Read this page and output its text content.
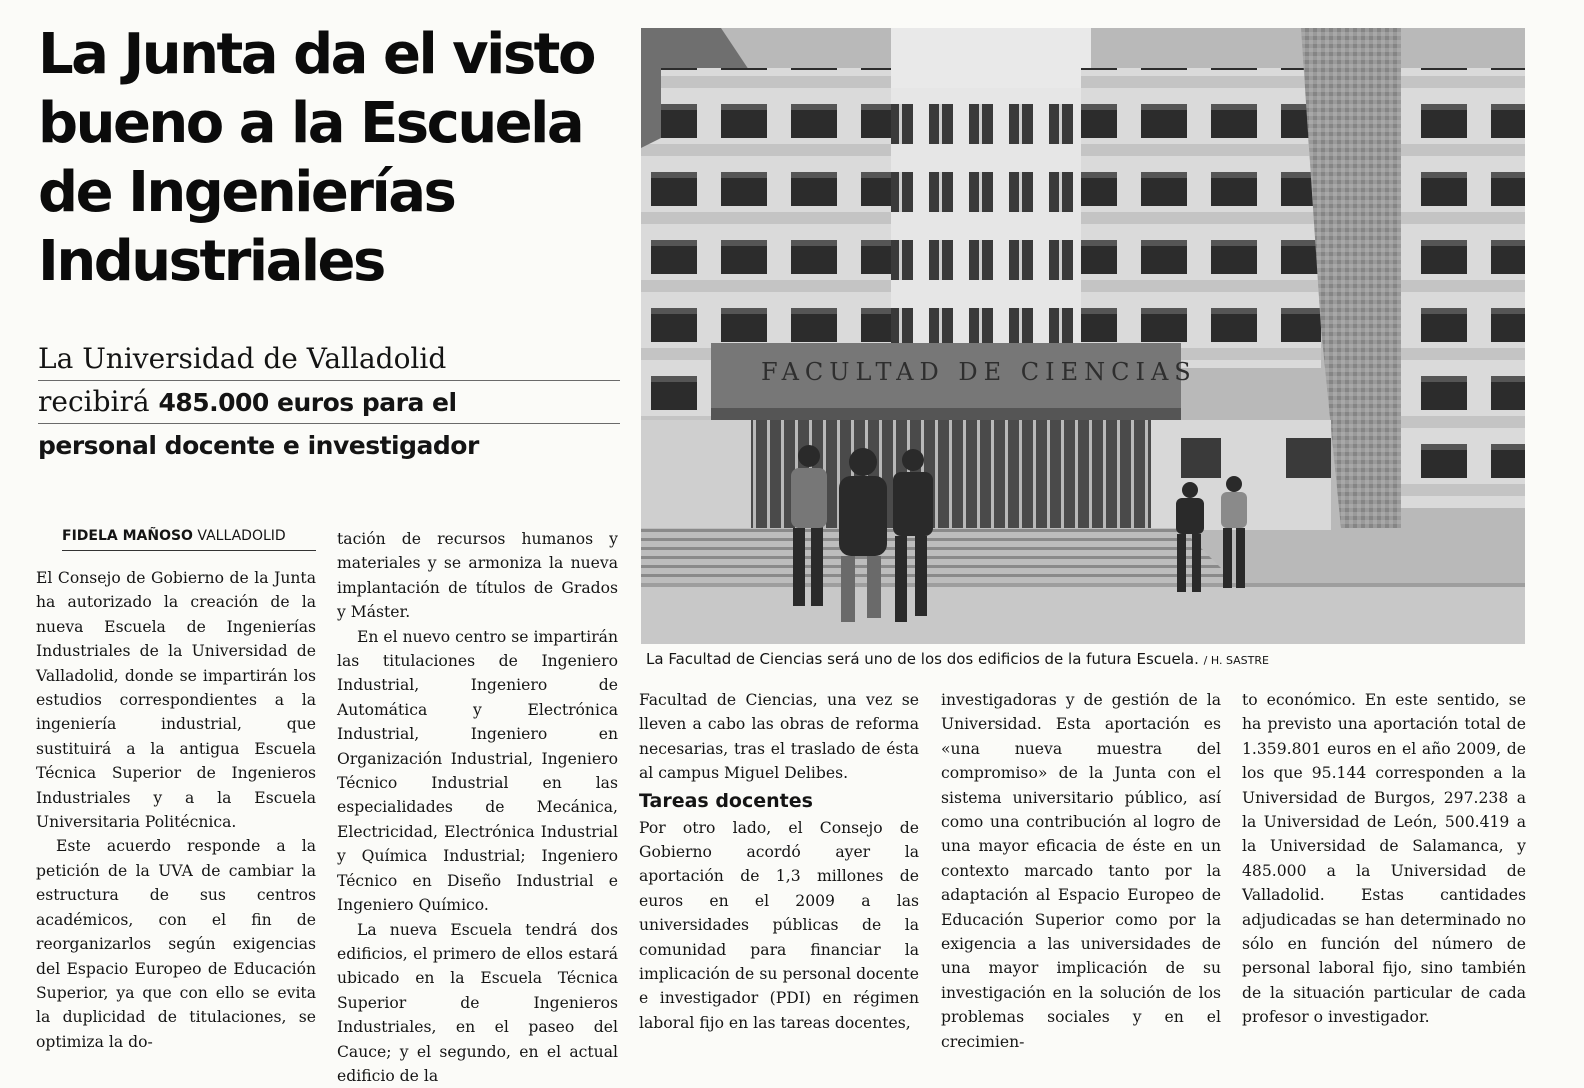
La Junta da el visto bueno a la Escuela de Ingenierías Industriales
La Universidad de Valladolid
recibirá 485.000 euros para el
personal docente e investigador
FIDELA MAÑOSO VALLADOLID

El Consejo de Gobierno de la Junta ha autorizado la creación de la nueva Escuela de Ingenierías Industriales de la Universidad de Valladolid, donde se impartirán los estudios correspondientes a la ingeniería industrial, que sustituirá a la antigua Escuela Técnica Superior de Ingenieros Industriales y a la Escuela Universitaria Politécnica.

Este acuerdo responde a la petición de la UVA de cambiar la estructura de sus centros académicos, con el fin de reorganizarlos según exigencias del Espacio Europeo de Educación Superior, ya que con ello se evita la duplicidad de titulaciones, se optimiza la do-

tación de recursos humanos y materiales y se armoniza la nueva implantación de títulos de Grados y Máster.

En el nuevo centro se impartirán las titulaciones de Ingeniero Industrial, Ingeniero de Automática y Electrónica Industrial, Ingeniero en Organización Industrial, Ingeniero Técnico Industrial en las especialidades de Mecánica, Electricidad, Electrónica Industrial y Química Industrial; Ingeniero Técnico en Diseño Industrial e Ingeniero Químico.

La nueva Escuela tendrá dos edificios, el primero de ellos estará ubicado en la Escuela Técnica Superior de Ingenieros Industriales, en el paseo del Cauce; y el segundo, en el actual edificio de la

Facultad de Ciencias, una vez se lleven a cabo las obras de reforma necesarias, tras el traslado de ésta al campus Miguel Delibes.

Tareas docentes

Por otro lado, el Consejo de Gobierno acordó ayer la aportación de 1,3 millones de euros en el 2009 a las universidades públicas de la comunidad para financiar la implicación de su personal docente e investigador (PDI) en régimen laboral fijo en las tareas docentes,

investigadoras y de gestión de la Universidad. Esta aportación es «una nueva muestra del compromiso» de la Junta con el sistema universitario público, así como una contribución al logro de una mayor eficacia de éste en un contexto marcado tanto por la adaptación al Espacio Europeo de Educación Superior como por la exigencia a las universidades de una mayor implicación de su investigación en la solución de los problemas sociales y en el crecimien-

to económico. En este sentido, se ha previsto una aportación total de 1.359.801 euros en el año 2009, de los que 95.144 corresponden a la Universidad de Burgos, 297.238 a la Universidad de León, 500.419 a la Universidad de Salamanca, y 485.000 a la Universidad de Valladolid. Estas cantidades adjudicadas se han determinado no sólo en función del número de personal laboral fijo, sino también de la situación particular de cada profesor o investigador.

FACULTAD DE CIENCIAS
La Facultad de Ciencias será uno de los dos edificios de la futura Escuela. / H. SASTRE
